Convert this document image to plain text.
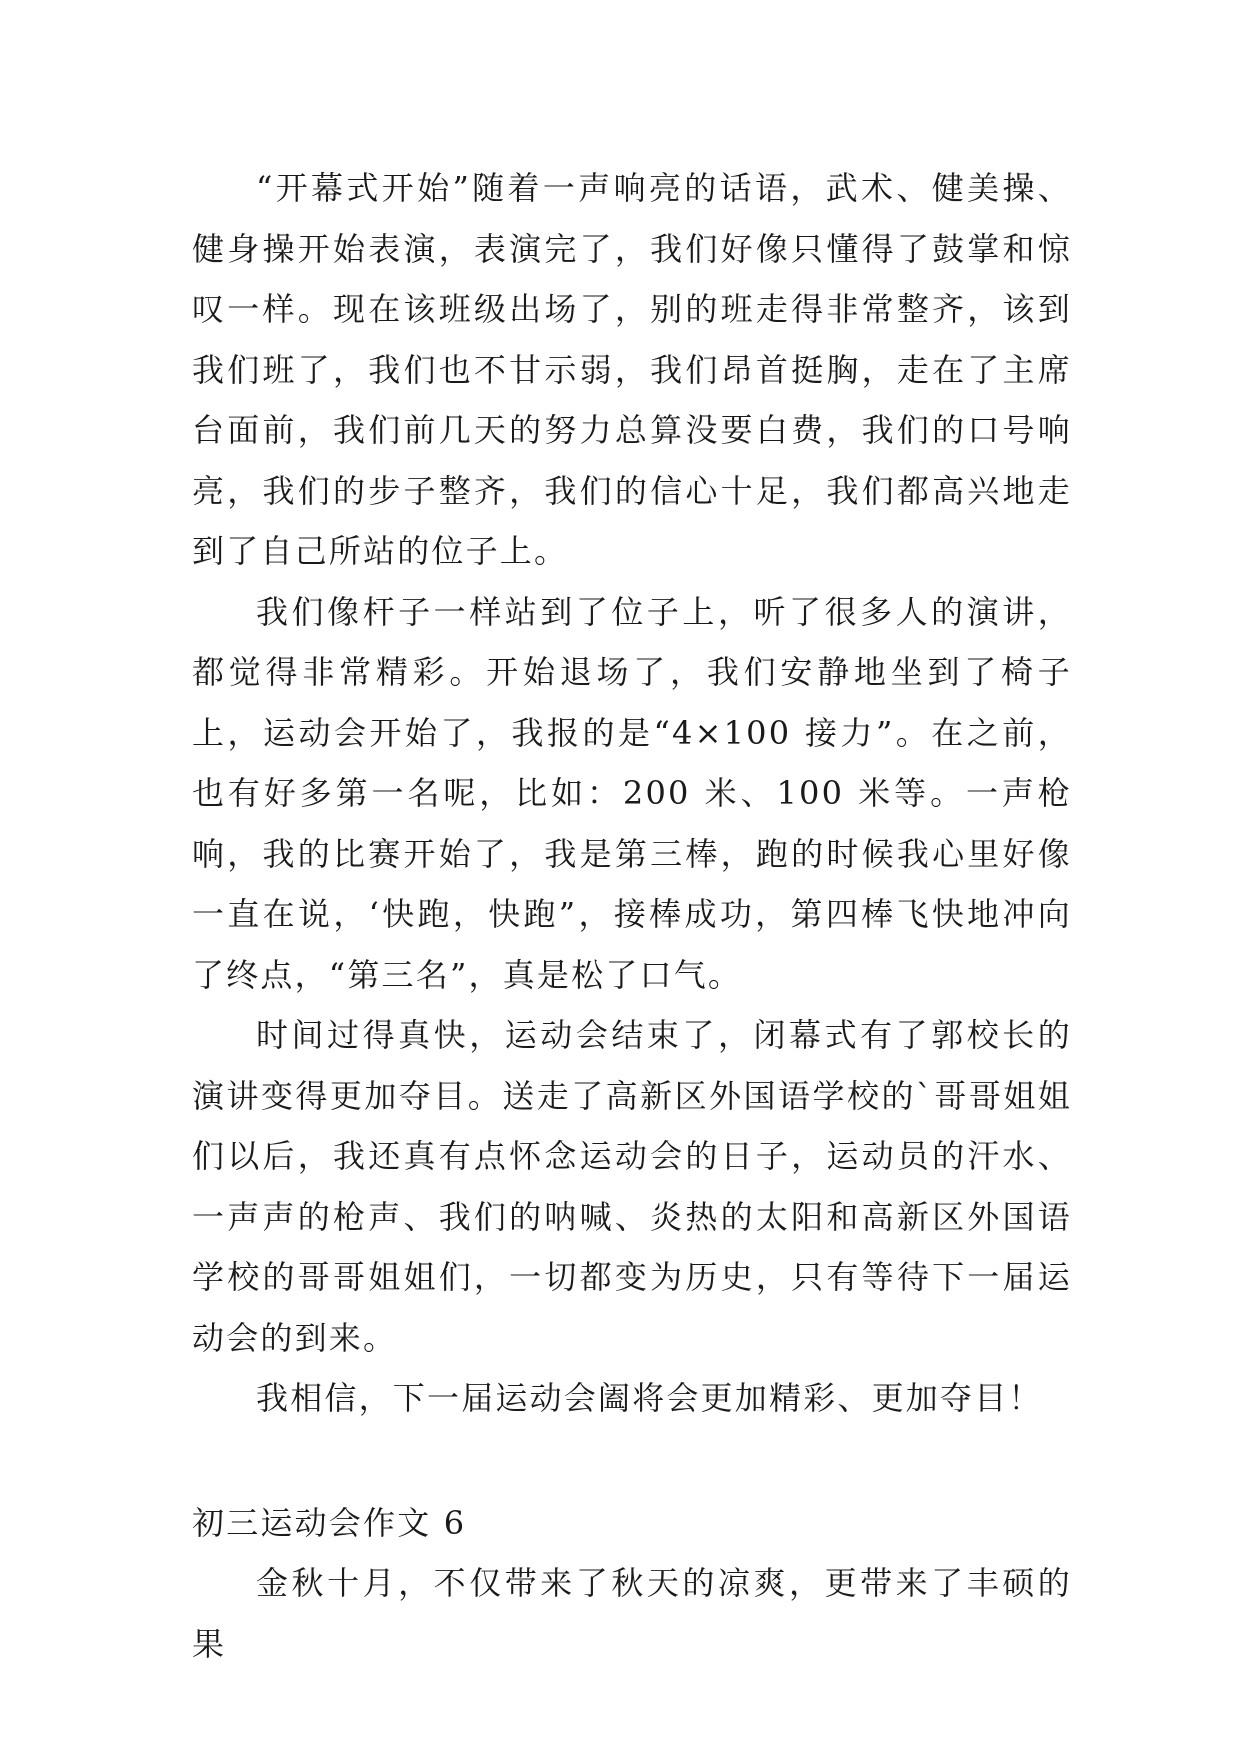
“开幕式开始”随着一声响亮的话语，武术、健美操、健身操开始表演，表演完了，我们好像只懂得了鼓掌和惊叹一样。现在该班级出场了，别的班走得非常整齐，该到我们班了，我们也不甘示弱，我们昂首挺胸，走在了主席台面前，我们前几天的努力总算没要白费，我们的口号响亮，我们的步子整齐，我们的信心十足，我们都高兴地走到了自己所站的位子上。

我们像杆子一样站到了位子上，听了很多人的演讲，都觉得非常精彩。开始退场了，我们安静地坐到了椅子上，运动会开始了，我报的是“4×100 接力”。在之前，也有好多第一名呢，比如：200 米、100 米等。一声枪响，我的比赛开始了，我是第三棒，跑的时候我心里好像一直在说，‘快跑，快跑”，接棒成功，第四棒飞快地冲向了终点，“第三名”，真是松了口气。

时间过得真快，运动会结束了，闭幕式有了郭校长的演讲变得更加夺目。送走了高新区外国语学校的`哥哥姐姐们以后，我还真有点怀念运动会的日子，运动员的汗水、一声声的枪声、我们的呐喊、炎热的太阳和高新区外国语学校的哥哥姐姐们，一切都变为历史，只有等待下一届运动会的到来。

我相信，下一届运动会阖将会更加精彩、更加夺目！

初三运动会作文 6

金秋十月，不仅带来了秋天的凉爽，更带来了丰硕的果
